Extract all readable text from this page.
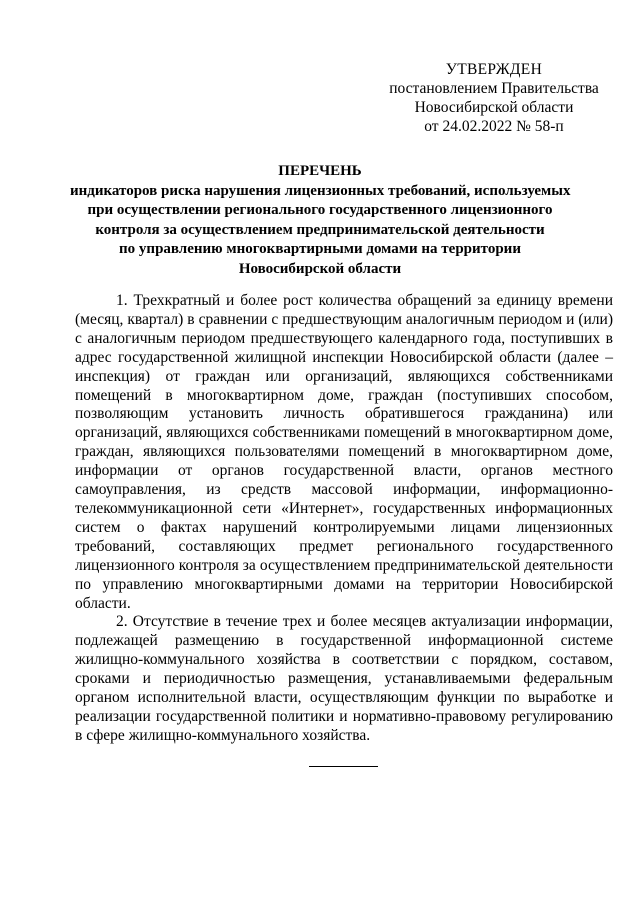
УТВЕРЖДЕН
постановлением Правительства
Новосибирской области
от 24.02.2022 № 58-п
ПЕРЕЧЕНЬ
индикаторов риска нарушения лицензионных требований, используемых
при осуществлении регионального государственного лицензионного
контроля за осуществлением предпринимательской деятельности
по управлению многоквартирными домами на территории
Новосибирской области

1. Трехкратный и более рост количества обращений за единицу времени (месяц, квартал) в сравнении с предшествующим аналогичным периодом и (или) с аналогичным периодом предшествующего календарного года, поступивших в адрес государственной жилищной инспекции Новосибирской области (далее – инспекция) от граждан или организаций, являющихся собственниками помещений в многоквартирном доме, граждан (поступивших способом, позволяющим установить личность обратившегося гражданина) или организаций, являющихся собственниками помещений в многоквартирном доме, граждан, являющихся пользователями помещений в многоквартирном доме, информации от органов государственной власти, органов местного самоуправления, из средств массовой информации, информационно-телекоммуникационной сети «Интернет», государственных информационных систем о фактах нарушений контролируемыми лицами лицензионных требований, составляющих предмет регионального государственного лицензионного контроля за осуществлением предпринимательской деятельности по управлению многоквартирными домами на территории Новосибирской области.

2. Отсутствие в течение трех и более месяцев актуализации информации, подлежащей размещению в государственной информационной системе жилищно-коммунального хозяйства в соответствии с порядком, составом, сроками и периодичностью размещения, устанавливаемыми федеральным органом исполнительной власти, осуществляющим функции по выработке и реализации государственной политики и нормативно-правовому регулированию в сфере жилищно-коммунального хозяйства.
